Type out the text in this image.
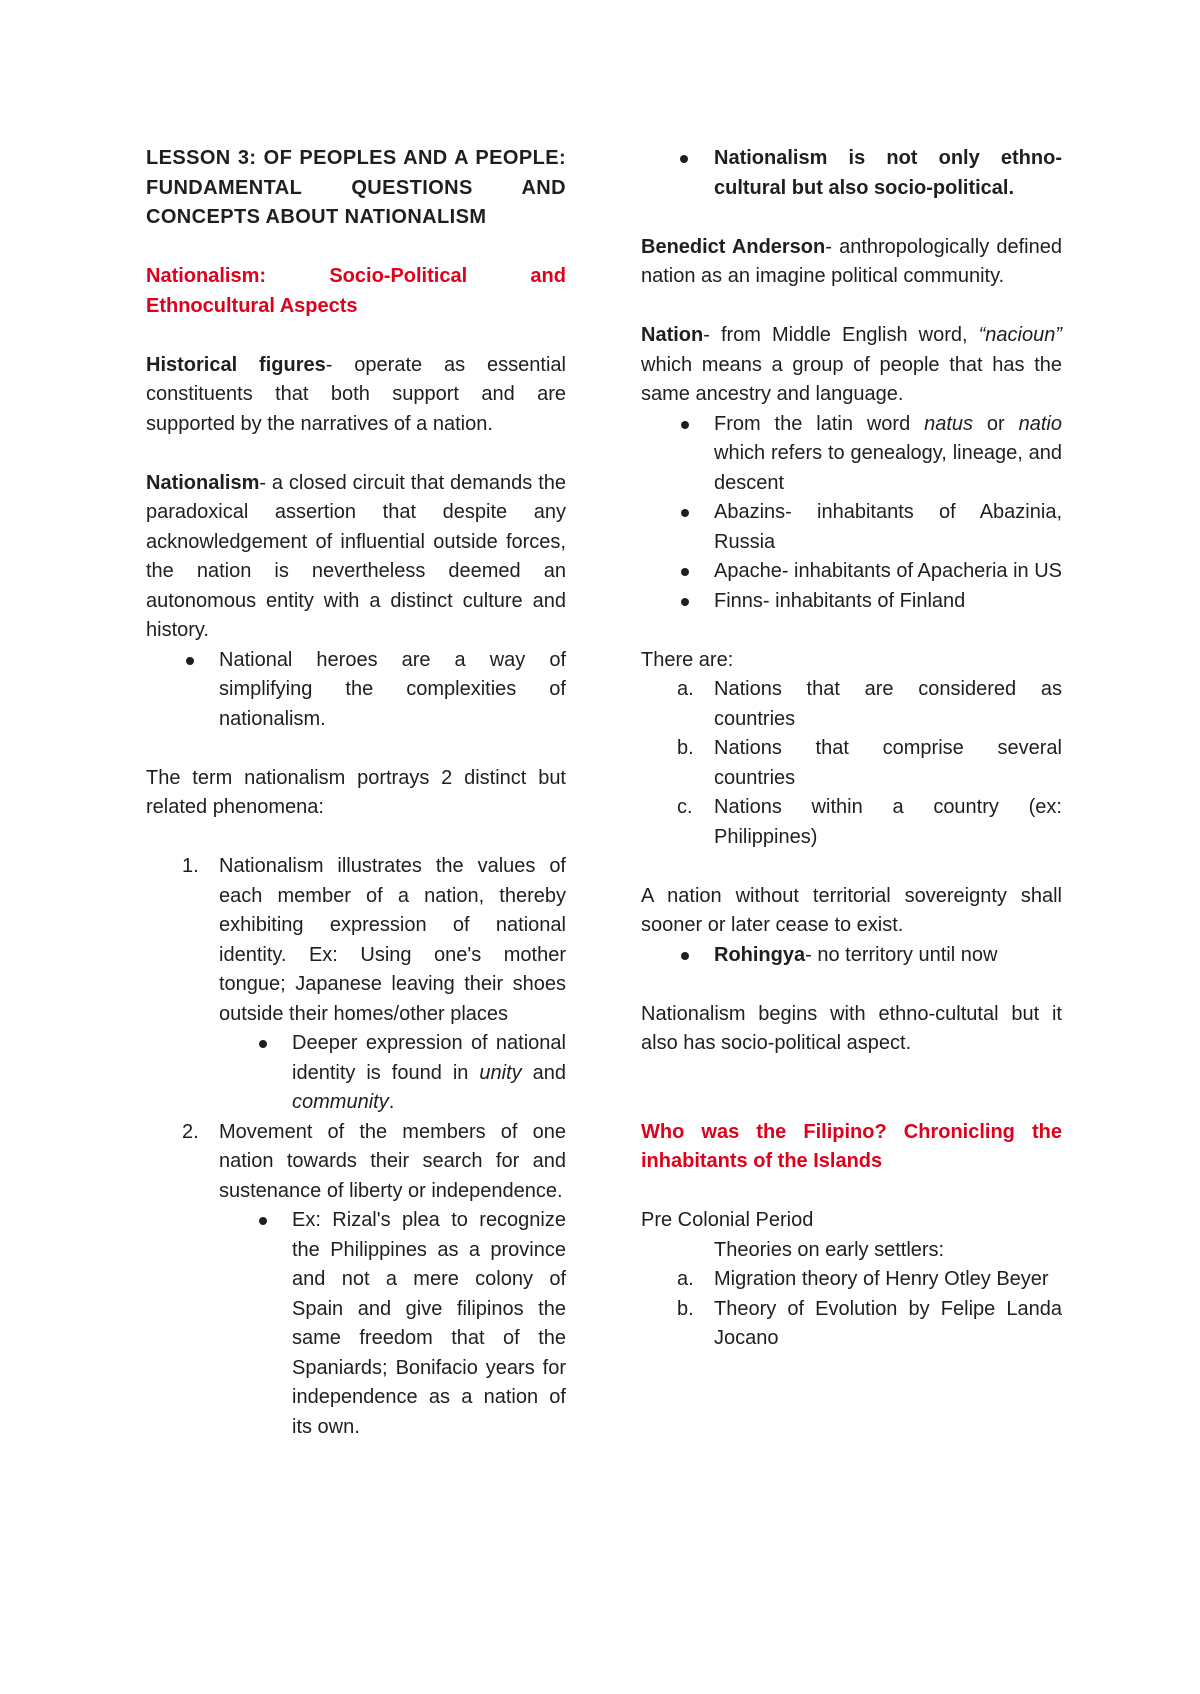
LESSON 3: OF PEOPLES AND A PEOPLE: FUNDAMENTAL QUESTIONS AND CONCEPTS ABOUT NATIONALISM

Nationalism: Socio-Political and Ethnocultural Aspects

Historical figures- operate as essential constituents that both support and are supported by the narratives of a nation.

Nationalism- a closed circuit that demands the paradoxical assertion that despite any acknowledgement of influential outside forces, the nation is nevertheless deemed an autonomous entity with a distinct culture and history.

National heroes are a way of simplifying the complexities of nationalism.

The term nationalism portrays 2 distinct but related phenomena:

1.	Nationalism illustrates the values of each member of a nation, thereby exhibiting expression of national identity. Ex: Using one's mother tongue; Japanese leaving their shoes outside their homes/other places
Deeper expression of national identity is found in unity and community.
2.	Movement of the members of one nation towards their search for and sustenance of liberty or independence.
Ex: Rizal's plea to recognize the Philippines as a province and not a mere colony of Spain and give filipinos the same freedom that of the Spaniards; Bonifacio years for independence as a nation of its own.
Nationalism is not only ethno-cultural but also socio-political.

Benedict Anderson- anthropologically defined nation as an imagine political community.

Nation- from Middle English word, “nacioun” which means a group of people that has the same ancestry and language.

From the latin word natus or natio which refers to genealogy, lineage, and descent
Abazins- inhabitants of Abazinia, Russia
Apache- inhabitants of Apacheria in US
Finns- inhabitants of Finland

There are:

a. Nations that are considered as countries
b. Nations that comprise several countries
c. Nations within a country (ex: Philippines)

A nation without territorial sovereignty shall sooner or later cease to exist.

Rohingya- no territory until now

Nationalism begins with ethno-cultutal but it also has socio-political aspect.

Who was the Filipino? Chronicling the inhabitants of the Islands

Pre Colonial Period

Theories on early settlers:

a. Migration theory of Henry Otley Beyer
b. Theory of Evolution by Felipe Landa Jocano
